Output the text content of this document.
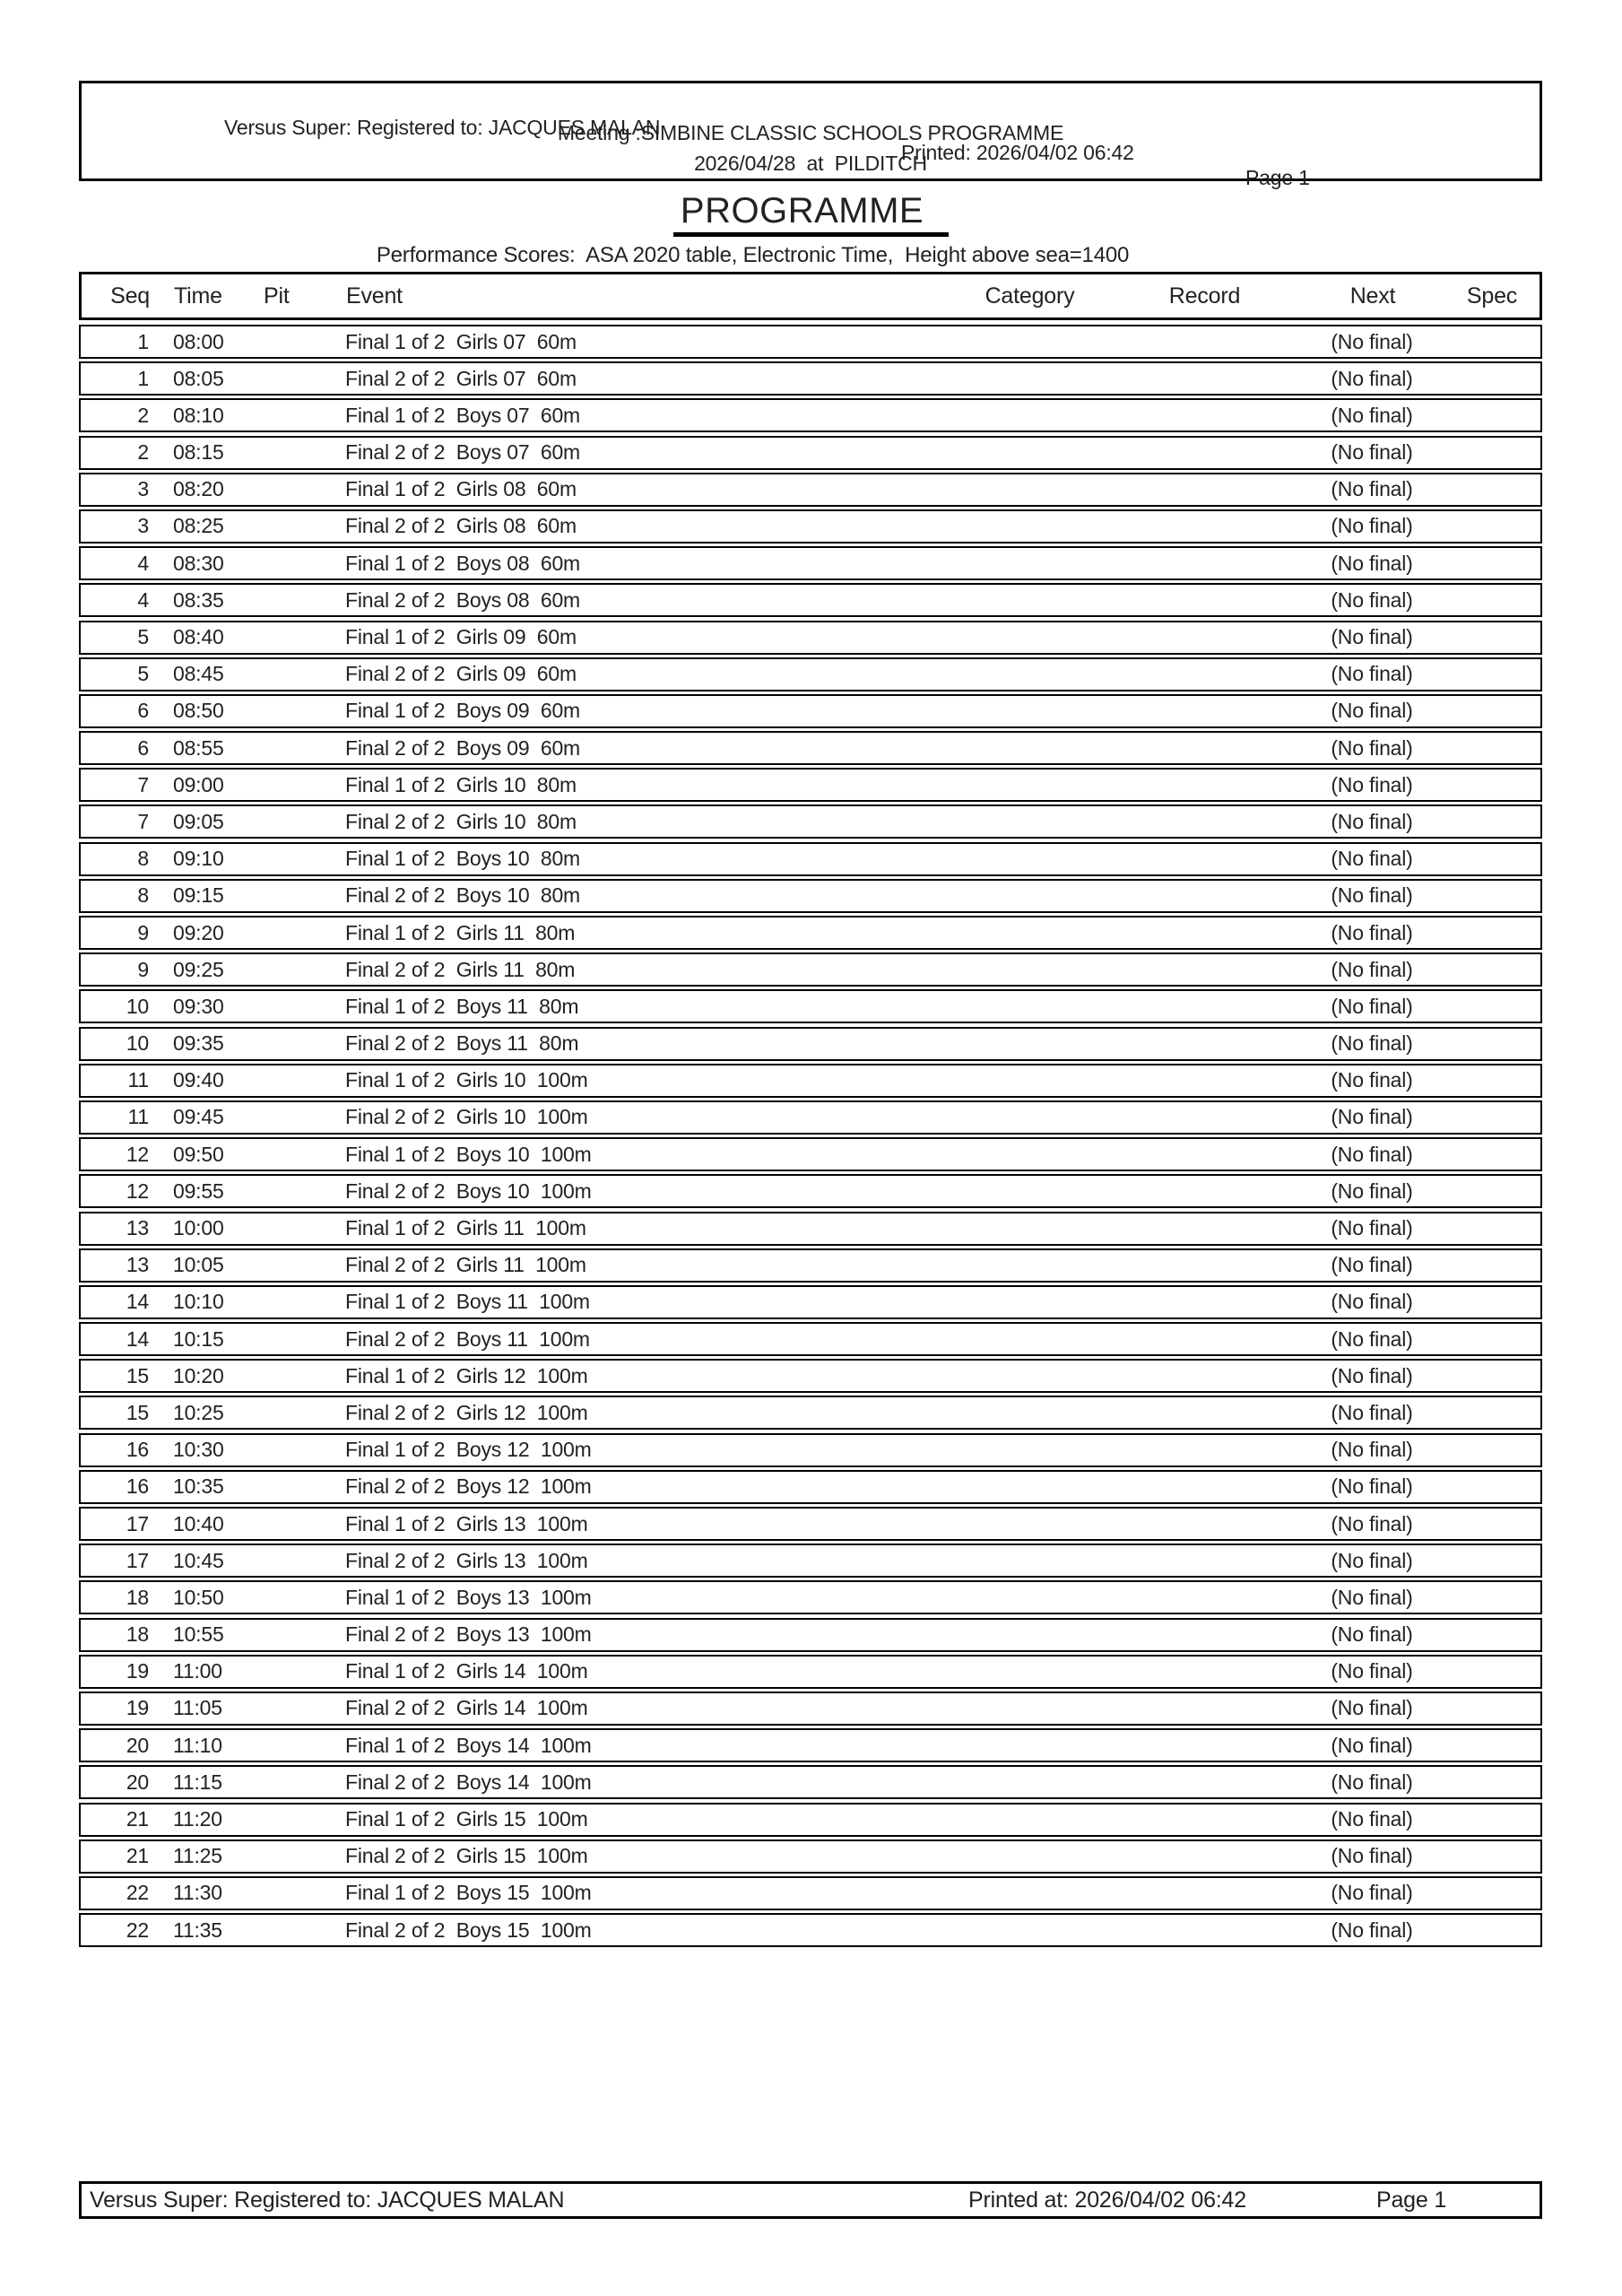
Versus Super: Registered to: JACQUES MALAN

Printed: 2026/04/02 06:42

Page 1

Meeting :SIMBINE CLASSIC SCHOOLS PROGRAMME
2026/04/28  at  PILDITCH
PROGRAMME
Performance Scores:  ASA 2020 table, Electronic Time,  Height above sea=1400
Seq	Time	Pit	Event	Category	Record	Next	Spec
1	08:00	Final 1 of 2  Girls 07  60m	(No final)
1	08:05	Final 2 of 2  Girls 07  60m	(No final)
2	08:10	Final 1 of 2  Boys 07  60m	(No final)
2	08:15	Final 2 of 2  Boys 07  60m	(No final)
3	08:20	Final 1 of 2  Girls 08  60m	(No final)
3	08:25	Final 2 of 2  Girls 08  60m	(No final)
4	08:30	Final 1 of 2  Boys 08  60m	(No final)
4	08:35	Final 2 of 2  Boys 08  60m	(No final)
5	08:40	Final 1 of 2  Girls 09  60m	(No final)
5	08:45	Final 2 of 2  Girls 09  60m	(No final)
6	08:50	Final 1 of 2  Boys 09  60m	(No final)
6	08:55	Final 2 of 2  Boys 09  60m	(No final)
7	09:00	Final 1 of 2  Girls 10  80m	(No final)
7	09:05	Final 2 of 2  Girls 10  80m	(No final)
8	09:10	Final 1 of 2  Boys 10  80m	(No final)
8	09:15	Final 2 of 2  Boys 10  80m	(No final)
9	09:20	Final 1 of 2  Girls 11  80m	(No final)
9	09:25	Final 2 of 2  Girls 11  80m	(No final)
10	09:30	Final 1 of 2  Boys 11  80m	(No final)
10	09:35	Final 2 of 2  Boys 11  80m	(No final)
11	09:40	Final 1 of 2  Girls 10  100m	(No final)
11	09:45	Final 2 of 2  Girls 10  100m	(No final)
12	09:50	Final 1 of 2  Boys 10  100m	(No final)
12	09:55	Final 2 of 2  Boys 10  100m	(No final)
13	10:00	Final 1 of 2  Girls 11  100m	(No final)
13	10:05	Final 2 of 2  Girls 11  100m	(No final)
14	10:10	Final 1 of 2  Boys 11  100m	(No final)
14	10:15	Final 2 of 2  Boys 11  100m	(No final)
15	10:20	Final 1 of 2  Girls 12  100m	(No final)
15	10:25	Final 2 of 2  Girls 12  100m	(No final)
16	10:30	Final 1 of 2  Boys 12  100m	(No final)
16	10:35	Final 2 of 2  Boys 12  100m	(No final)
17	10:40	Final 1 of 2  Girls 13  100m	(No final)
17	10:45	Final 2 of 2  Girls 13  100m	(No final)
18	10:50	Final 1 of 2  Boys 13  100m	(No final)
18	10:55	Final 2 of 2  Boys 13  100m	(No final)
19	11:00	Final 1 of 2  Girls 14  100m	(No final)
19	11:05	Final 2 of 2  Girls 14  100m	(No final)
20	11:10	Final 1 of 2  Boys 14  100m	(No final)
20	11:15	Final 2 of 2  Boys 14  100m	(No final)
21	11:20	Final 1 of 2  Girls 15  100m	(No final)
21	11:25	Final 2 of 2  Girls 15  100m	(No final)
22	11:30	Final 1 of 2  Boys 15  100m	(No final)
22	11:35	Final 2 of 2  Boys 15  100m	(No final)
Versus Super: Registered to: JACQUES MALAN	Printed at: 2026/04/02 06:42	Page 1
